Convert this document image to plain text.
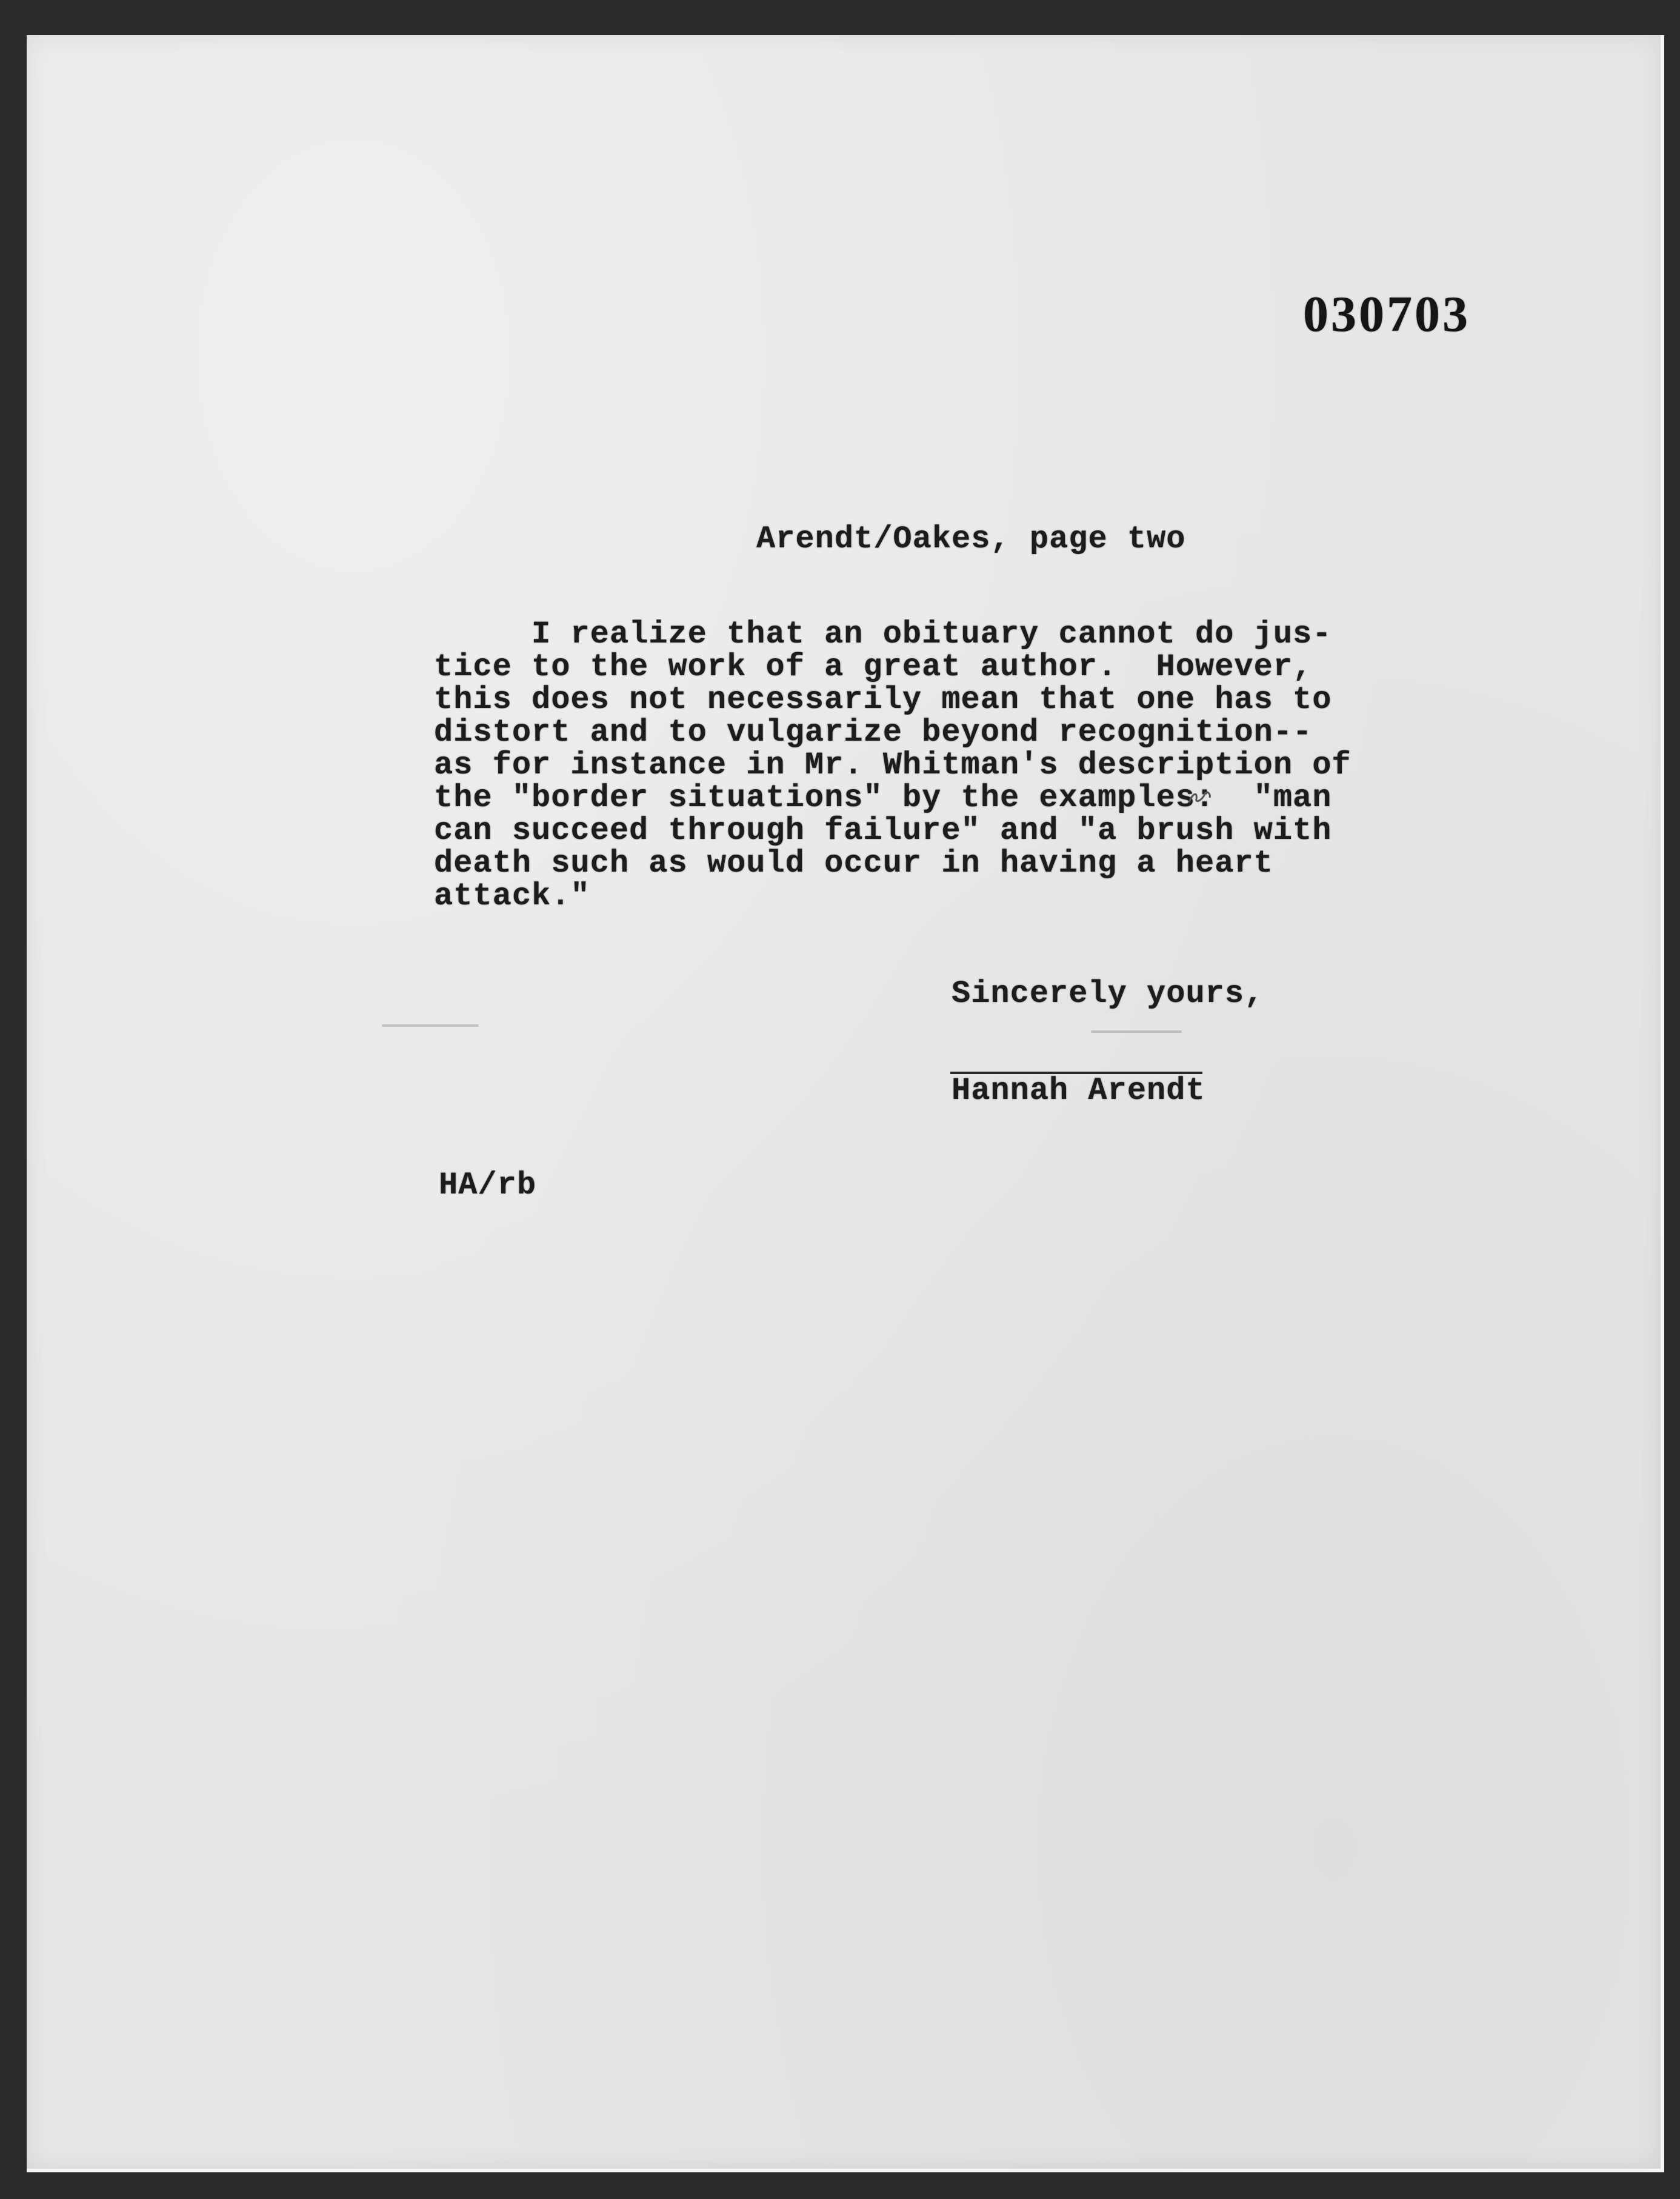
030703
Arendt/Oakes, page two
I realize that an obituary cannot do jus-
tice to the work of a great author.  However,
this does not necessarily mean that one has to
distort and to vulgarize beyond recognition--
as for instance in Mr. Whitman's description of
the "border situations" by the examples:  "man
can succeed through failure" and "a brush with
death such as would occur in having a heart
attack."
Sincerely yours,
Hannah Arendt
HA/rb
